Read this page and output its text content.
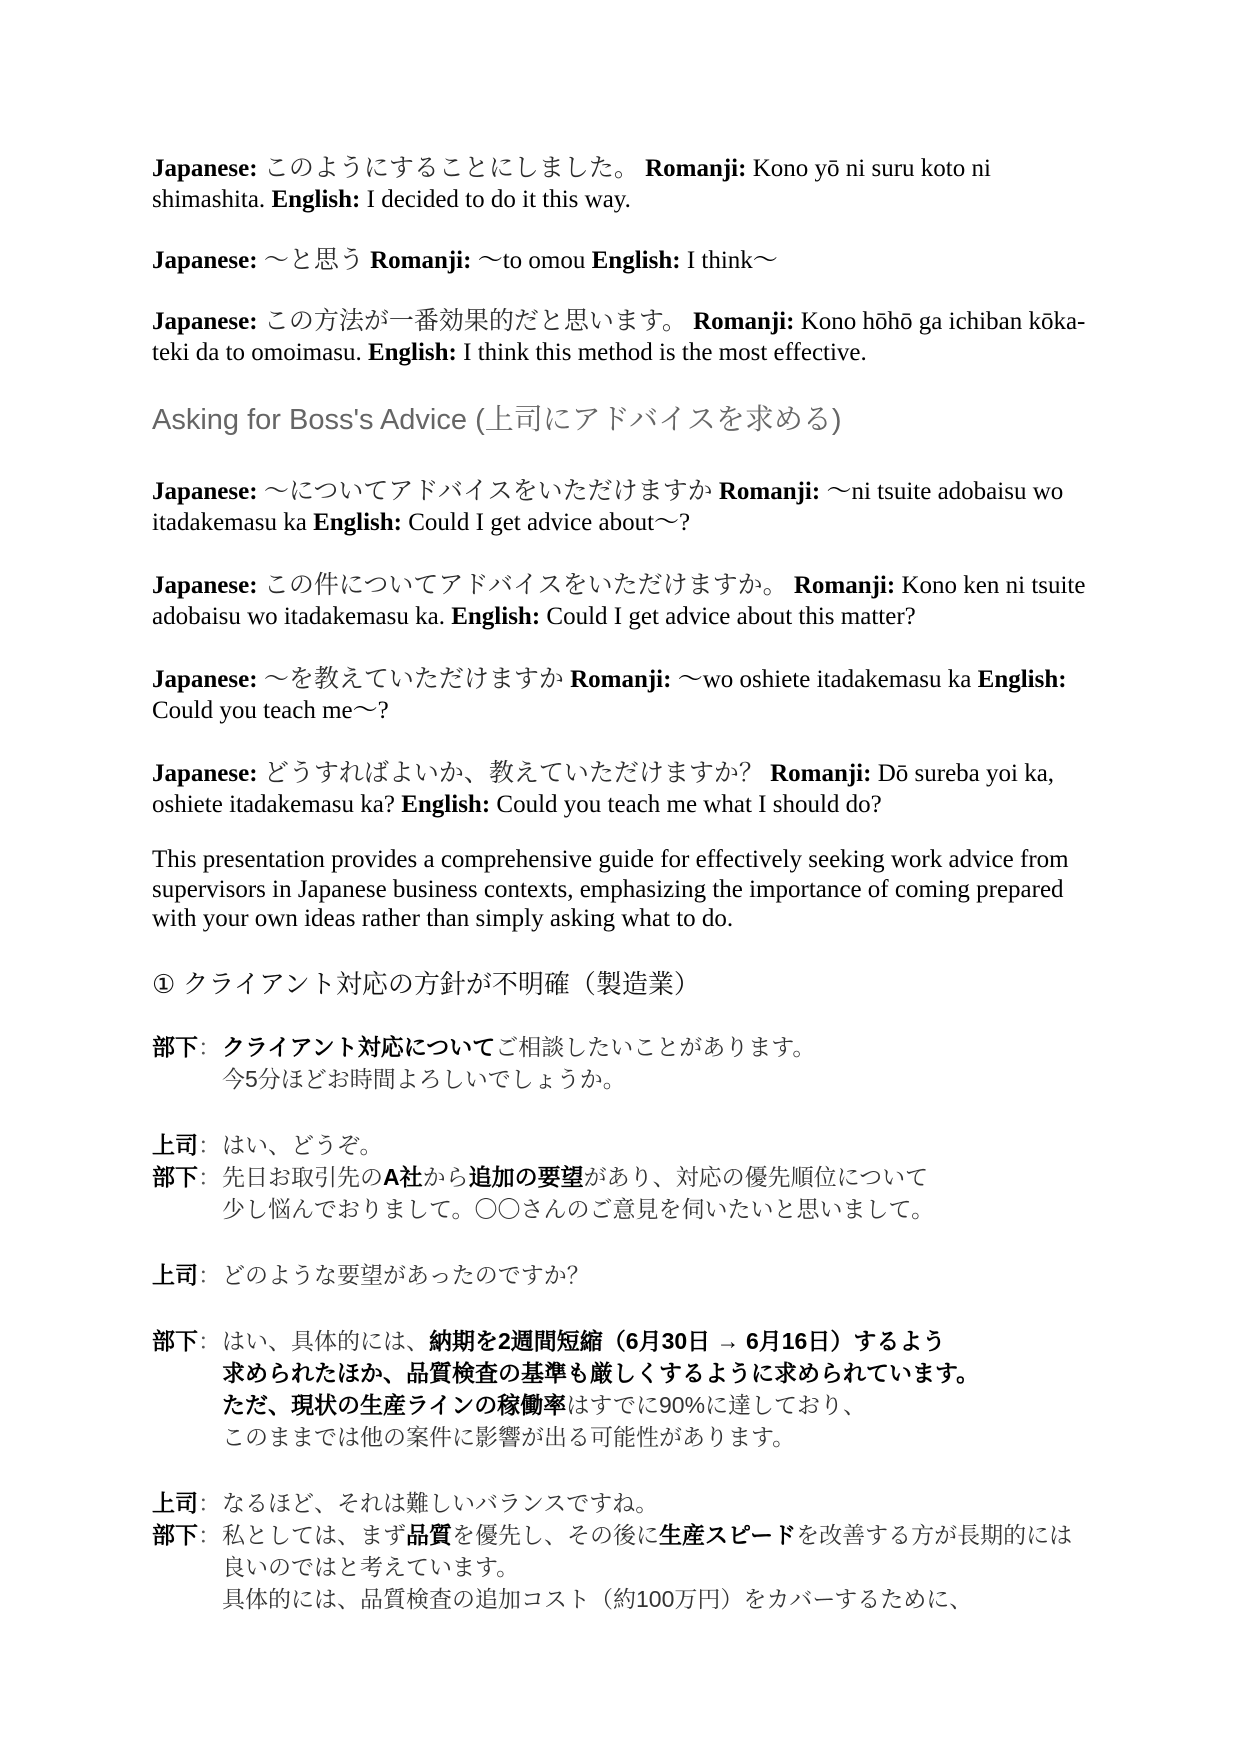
Japanese: このようにすることにしました。 Romanji: Kono yō ni suru koto ni shimashita. English: I decided to do it this way.

Japanese: 〜と思う Romanji: 〜to omou English: I think〜

Japanese: この方法が一番効果的だと思います。 Romanji: Kono hōhō ga ichiban kōka-teki da to omoimasu. English: I think this method is the most effective.

Asking for Boss's Advice (上司にアドバイスを求める)

Japanese: 〜についてアドバイスをいただけますか Romanji: 〜ni tsuite adobaisu wo itadakemasu ka English: Could I get advice about〜?

Japanese: この件についてアドバイスをいただけますか。 Romanji: Kono ken ni tsuite adobaisu wo itadakemasu ka. English: Could I get advice about this matter?

Japanese: 〜を教えていただけますか Romanji: 〜wo oshiete itadakemasu ka English: Could you teach me〜?

Japanese: どうすればよいか、教えていただけますか？ Romanji: Dō sureba yoi ka, oshiete itadakemasu ka? English: Could you teach me what I should do?

This presentation provides a comprehensive guide for effectively seeking work advice from supervisors in Japanese business contexts, emphasizing the importance of coming prepared with your own ideas rather than simply asking what to do.

① クライアント対応の方針が不明確（製造業）
部下： クライアント対応についてご相談したいことがあります。
今5分ほどお時間よろしいでしょうか。
上司： はい、どうぞ。
部下： 先日お取引先のA社から追加の要望があり、対応の優先順位について
少し悩んでおりまして。〇〇さんのご意見を伺いたいと思いまして。
上司： どのような要望があったのですか？
部下： はい、具体的には、納期を2週間短縮（6月30日 → 6月16日）するよう
求められたほか、品質検査の基準も厳しくするように求められています。
ただ、現状の生産ラインの稼働率はすでに90%に達しており、
このままでは他の案件に影響が出る可能性があります。
上司： なるほど、それは難しいバランスですね。
部下： 私としては、まず品質を優先し、その後に生産スピードを改善する方が長期的には
良いのではと考えています。
具体的には、品質検査の追加コスト（約100万円）をカバーするために、
